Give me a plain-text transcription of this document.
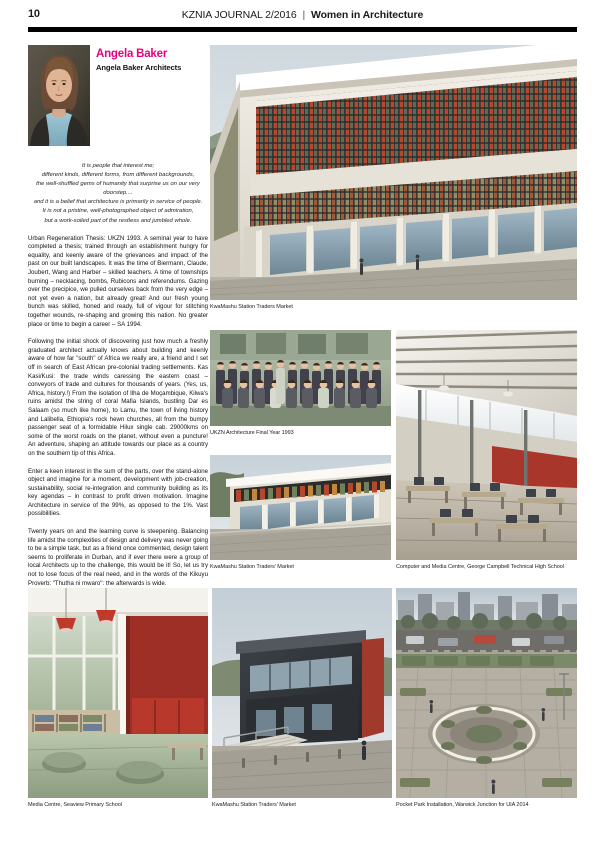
10	KZNIA JOURNAL 2/2016 | Women in Architecture
Angela Baker
Angela Baker Architects
It is people that interest me;
different kinds, different forms, from different backgrounds,
the well-shuffled gems of humanity that surprise us on our very doorstep....
and it is a belief that architecture is primarily in service of people.
It is not a pristine, well-photographed object of admiration,
but a work-soiled part of the restless and jumbled whole.

Urban Regeneration Thesis: UKZN 1993. A seminal year to have completed a thesis; trained through an establishment hungry for equality, and keenly aware of the grievances and impact of the past on our built landscapes. It was the time of Biermann, Claude, Joubert, Wang and Harber – skilled teachers. A time of townships burning – necklacing, bombs, Rubicons and referendums. Gazing over the precipice, we pulled ourselves back from the very edge – not yet even a nation, but already great! And our fresh young bunch was skilled, honed and ready, full of vigour for stitching together wounds, re-shaping and growing this nation. No greater place or time to begin a career – SA 1994.

Following the initial shock of discovering just how much a freshly graduated architect actually knows about building and keenly aware of how far "south" of Africa we really are, a friend and I set off in search of East African pre-colonial trading settlements. Kas Kasi/Kusi: the trade winds caressing the eastern coast – conveyors of trade and cultures for thousands of years. (Yes, us, Africa, history.!) From the isolation of Ilha de Moçambique, Kilwa's ruins amidst the string of coral Mafia Islands, bustling Dar es Salaam (so much like home), to Lamu, the town of living history and Lalibella, Ethiopia's rock hewn churches, all from the bumpy passenger seat of a formidable Hilux single cab. 29000kms on some of the worst roads on the planet, without even a puncture! An adventure, shaping an attitude towards our place as a country on the southern tip of this Africa.

Enter a keen interest in the sum of the parts, over the stand-alone object and imagine for a moment, development with job-creation, sustainability, social re-integration and community building as its key agendas – in contrast to profit driven motivation. Imagine Architecture in service of the 99%, as opposed to the 1%. Vast possibilities.

Twenty years on and the learning curve is steepening. Balancing life amidst the complexities of design and delivery was never going to be a simple task, but as a friend once commented, design talent seems to proliferate in Durban, and if ever there were a group of local Architects up to the challenge, this would be it! So, let us try not to lose focus of the real need, and in the words of the Kikuyu Proverb: "Thutha ni mwaro": the afterwards is wide.

KwaMashu Station Traders Market
UKZN Architecture Final Year 1993
KwaMashu Station Traders' Market	Computer and Media Centre, George Campbell Technical High School
Media Centre, Seaview Primary School	KwaMashu Station Traders' Market	Pocket Park Installation, Warwick Junction for UIA 2014
